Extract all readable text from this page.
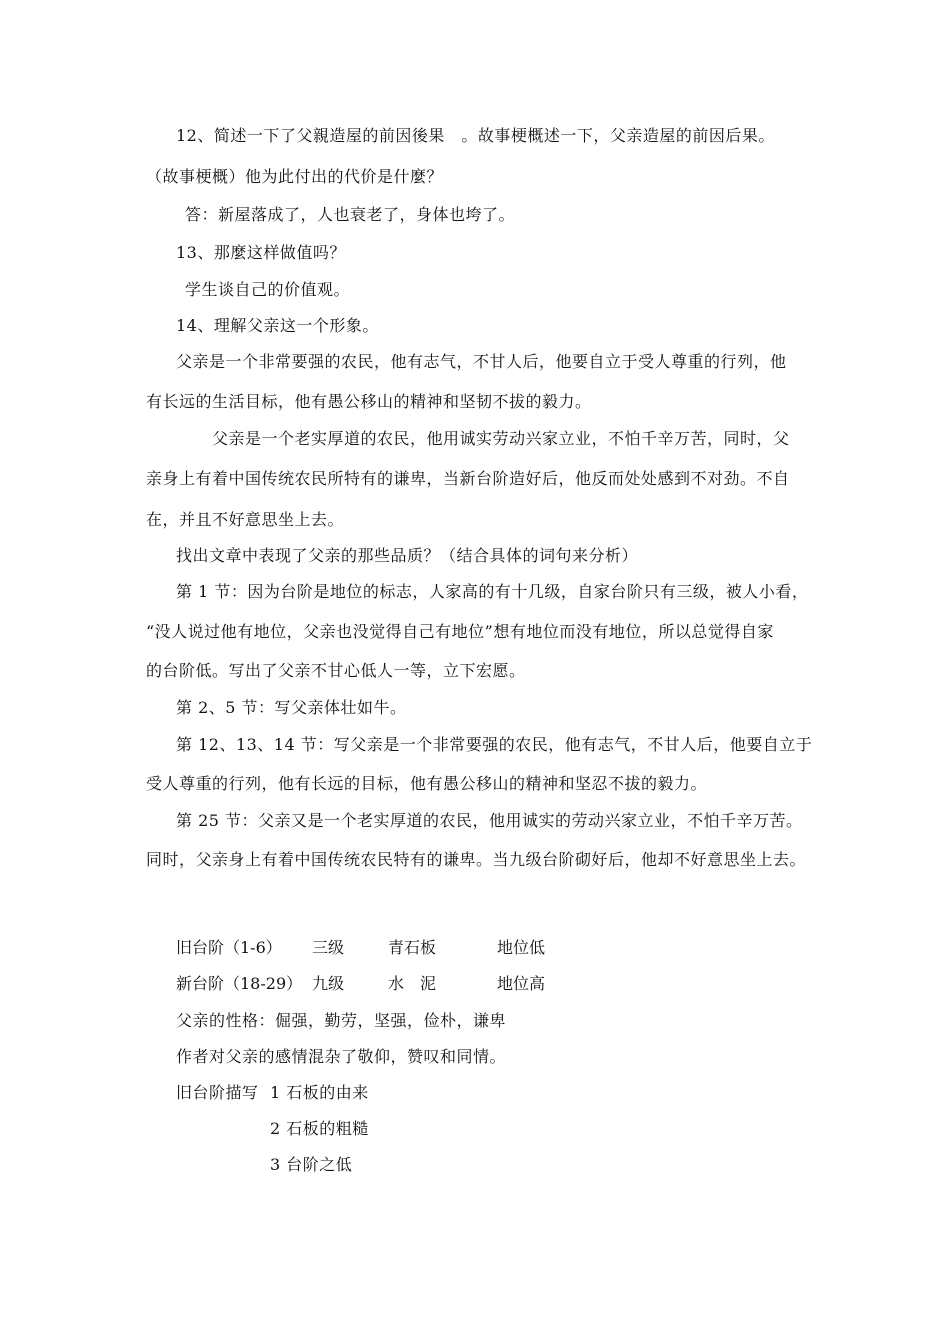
12、简述一下了父親造屋的前因後果　。故事梗概述一下，父亲造屋的前因后果。
（故事梗概）他为此付出的代价是什麼？
答：新屋落成了，人也衰老了，身体也垮了。
13、那麼这样做值吗？
学生谈自己的价值观。
14、理解父亲这一个形象。
父亲是一个非常要强的农民，他有志气，不甘人后，他要自立于受人尊重的行列，他
有长远的生活目标，他有愚公移山的精神和坚韧不拔的毅力。
父亲是一个老实厚道的农民，他用诚实劳动兴家立业，不怕千辛万苦，同时，父
亲身上有着中国传统农民所特有的谦卑，当新台阶造好后，他反而处处感到不对劲。不自
在，并且不好意思坐上去。
找出文章中表现了父亲的那些品质？（结合具体的词句来分析）
第 1 节：因为台阶是地位的标志，人家高的有十几级，自家台阶只有三级，被人小看，
“没人说过他有地位，父亲也没觉得自己有地位”想有地位而没有地位，所以总觉得自家
的台阶低。写出了父亲不甘心低人一等，立下宏愿。
第 2、5 节：写父亲体壮如牛。
第 12、13、14 节：写父亲是一个非常要强的农民，他有志气，不甘人后，他要自立于
受人尊重的行列，他有长远的目标，他有愚公移山的精神和坚忍不拔的毅力。
第 25 节：父亲又是一个老实厚道的农民，他用诚实的劳动兴家立业，不怕千辛万苦。
同时，父亲身上有着中国传统农民特有的谦卑。当九级台阶砌好后，他却不好意思坐上去。
旧台阶（1-6） 三级	青石板	地位低
新台阶（18-29） 九级	水　泥	地位高
父亲的性格：倔强，勤劳，坚强，俭朴，谦卑
作者对父亲的感情混杂了敬仰，赞叹和同情。
旧台阶描写 1 石板的由来
2 石板的粗糙
3 台阶之低
